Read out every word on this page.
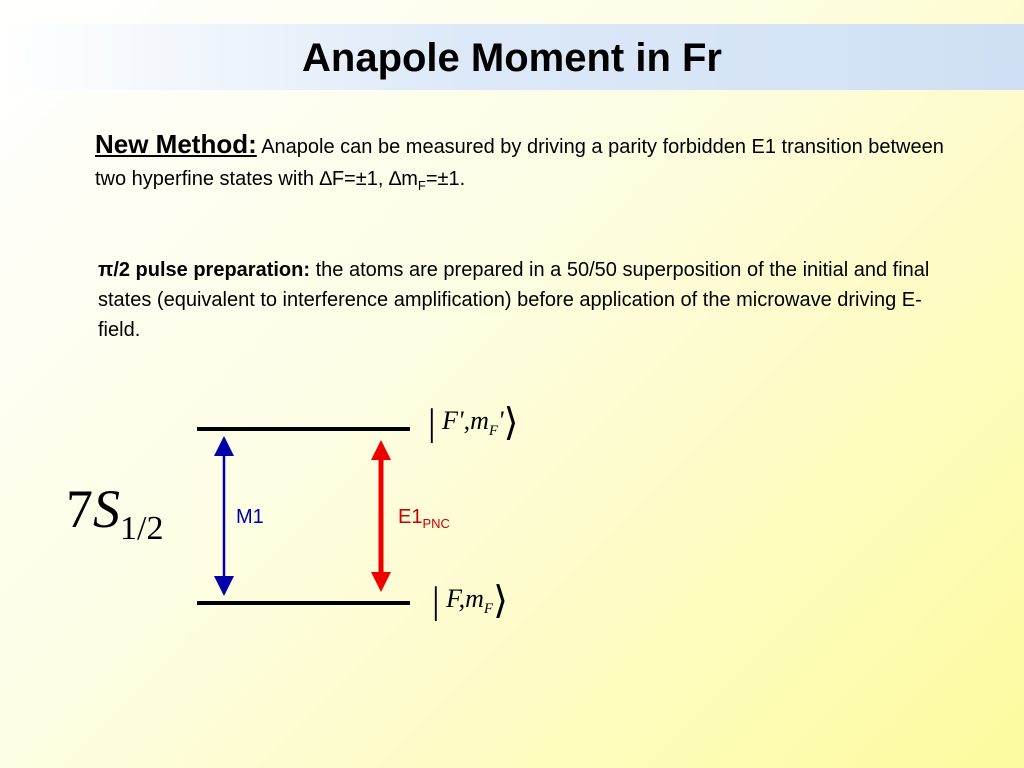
Anapole Moment in Fr
New Method: Anapole can be measured by driving a parity forbidden E1 transition between two hyperfine states with ∆F=±1, $\Delta m_F=\pm 1$.
π/2 pulse preparation: the atoms are prepared in a 50/50 superposition of the initial and final states (equivalent to interference amplification) before application of the microwave driving E-field.
| $F',m_F'⟩$
| $F,m_F⟩$
$7S_{1/2}$	M1	$E1_{PNC}$
